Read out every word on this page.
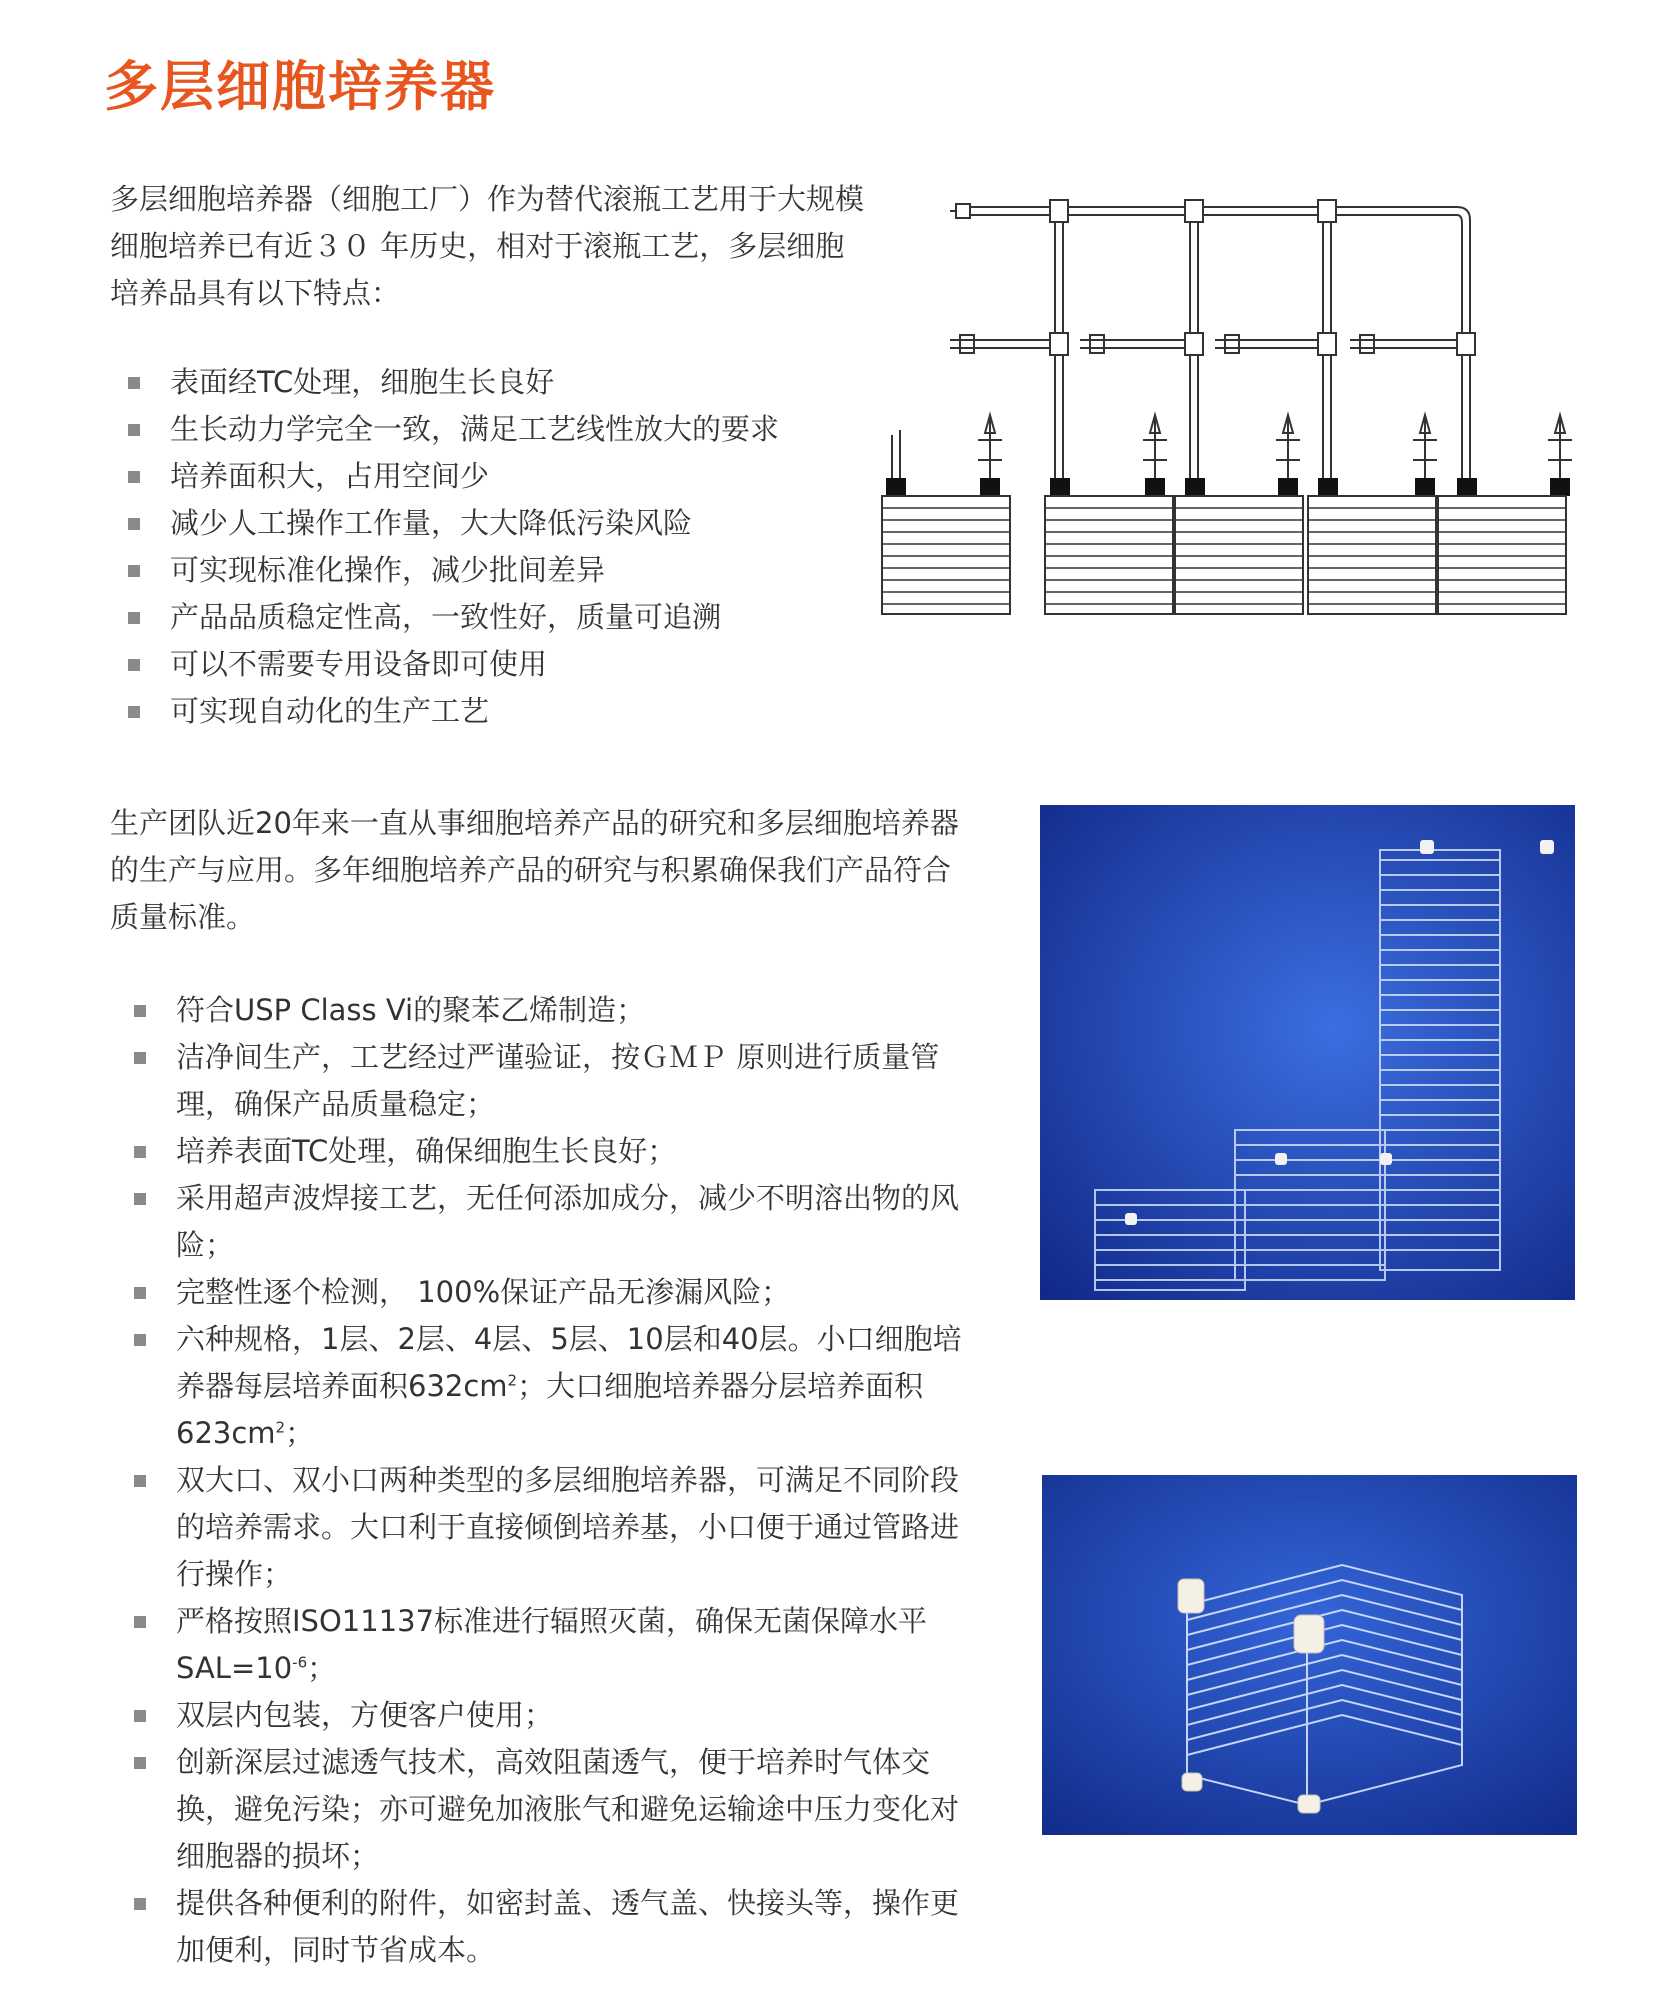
多层细胞培养器

多层细胞培养器（细胞工厂）作为替代滚瓶工艺用于大规模细胞培养已有近３０ 年历史，相对于滚瓶工艺，多层细胞培养品具有以下特点：

表面经TC处理，细胞生长良好
生长动力学完全一致，满足工艺线性放大的要求
培养面积大，占用空间少
减少人工操作工作量，大大降低污染风险
可实现标准化操作，减少批间差异
产品品质稳定性高，一致性好，质量可追溯
可以不需要专用设备即可使用
可实现自动化的生产工艺

生产团队近20年来一直从事细胞培养产品的研究和多层细胞培养器的生产与应用。多年细胞培养产品的研究与积累确保我们产品符合质量标准。

符合USP Class Vi的聚苯乙烯制造；
洁净间生产，工艺经过严谨验证，按ＧＭＰ 原则进行质量管理，确保产品质量稳定；
培养表面TC处理，确保细胞生长良好；
采用超声波焊接工艺，无任何添加成分，减少不明溶出物的风险；
完整性逐个检测， 100%保证产品无渗漏风险；
六种规格，1层、2层、4层、5层、10层和40层。小口细胞培养器每层培养面积$632cm^2$；大口细胞培养器分层培养面积$623cm^2$；
双大口、双小口两种类型的多层细胞培养器，可满足不同阶段的培养需求。大口利于直接倾倒培养基，小口便于通过管路进行操作；
严格按照ISO11137标准进行辐照灭菌，确保无菌保障水平$SAL=10^{-6}$；
双层内包装，方便客户使用；
创新深层过滤透气技术，高效阻菌透气，便于培养时气体交换，避免污染；亦可避免加液胀气和避免运输途中压力变化对细胞器的损坏；
提供各种便利的附件，如密封盖、透气盖、快接头等，操作更加便利，同时节省成本。
